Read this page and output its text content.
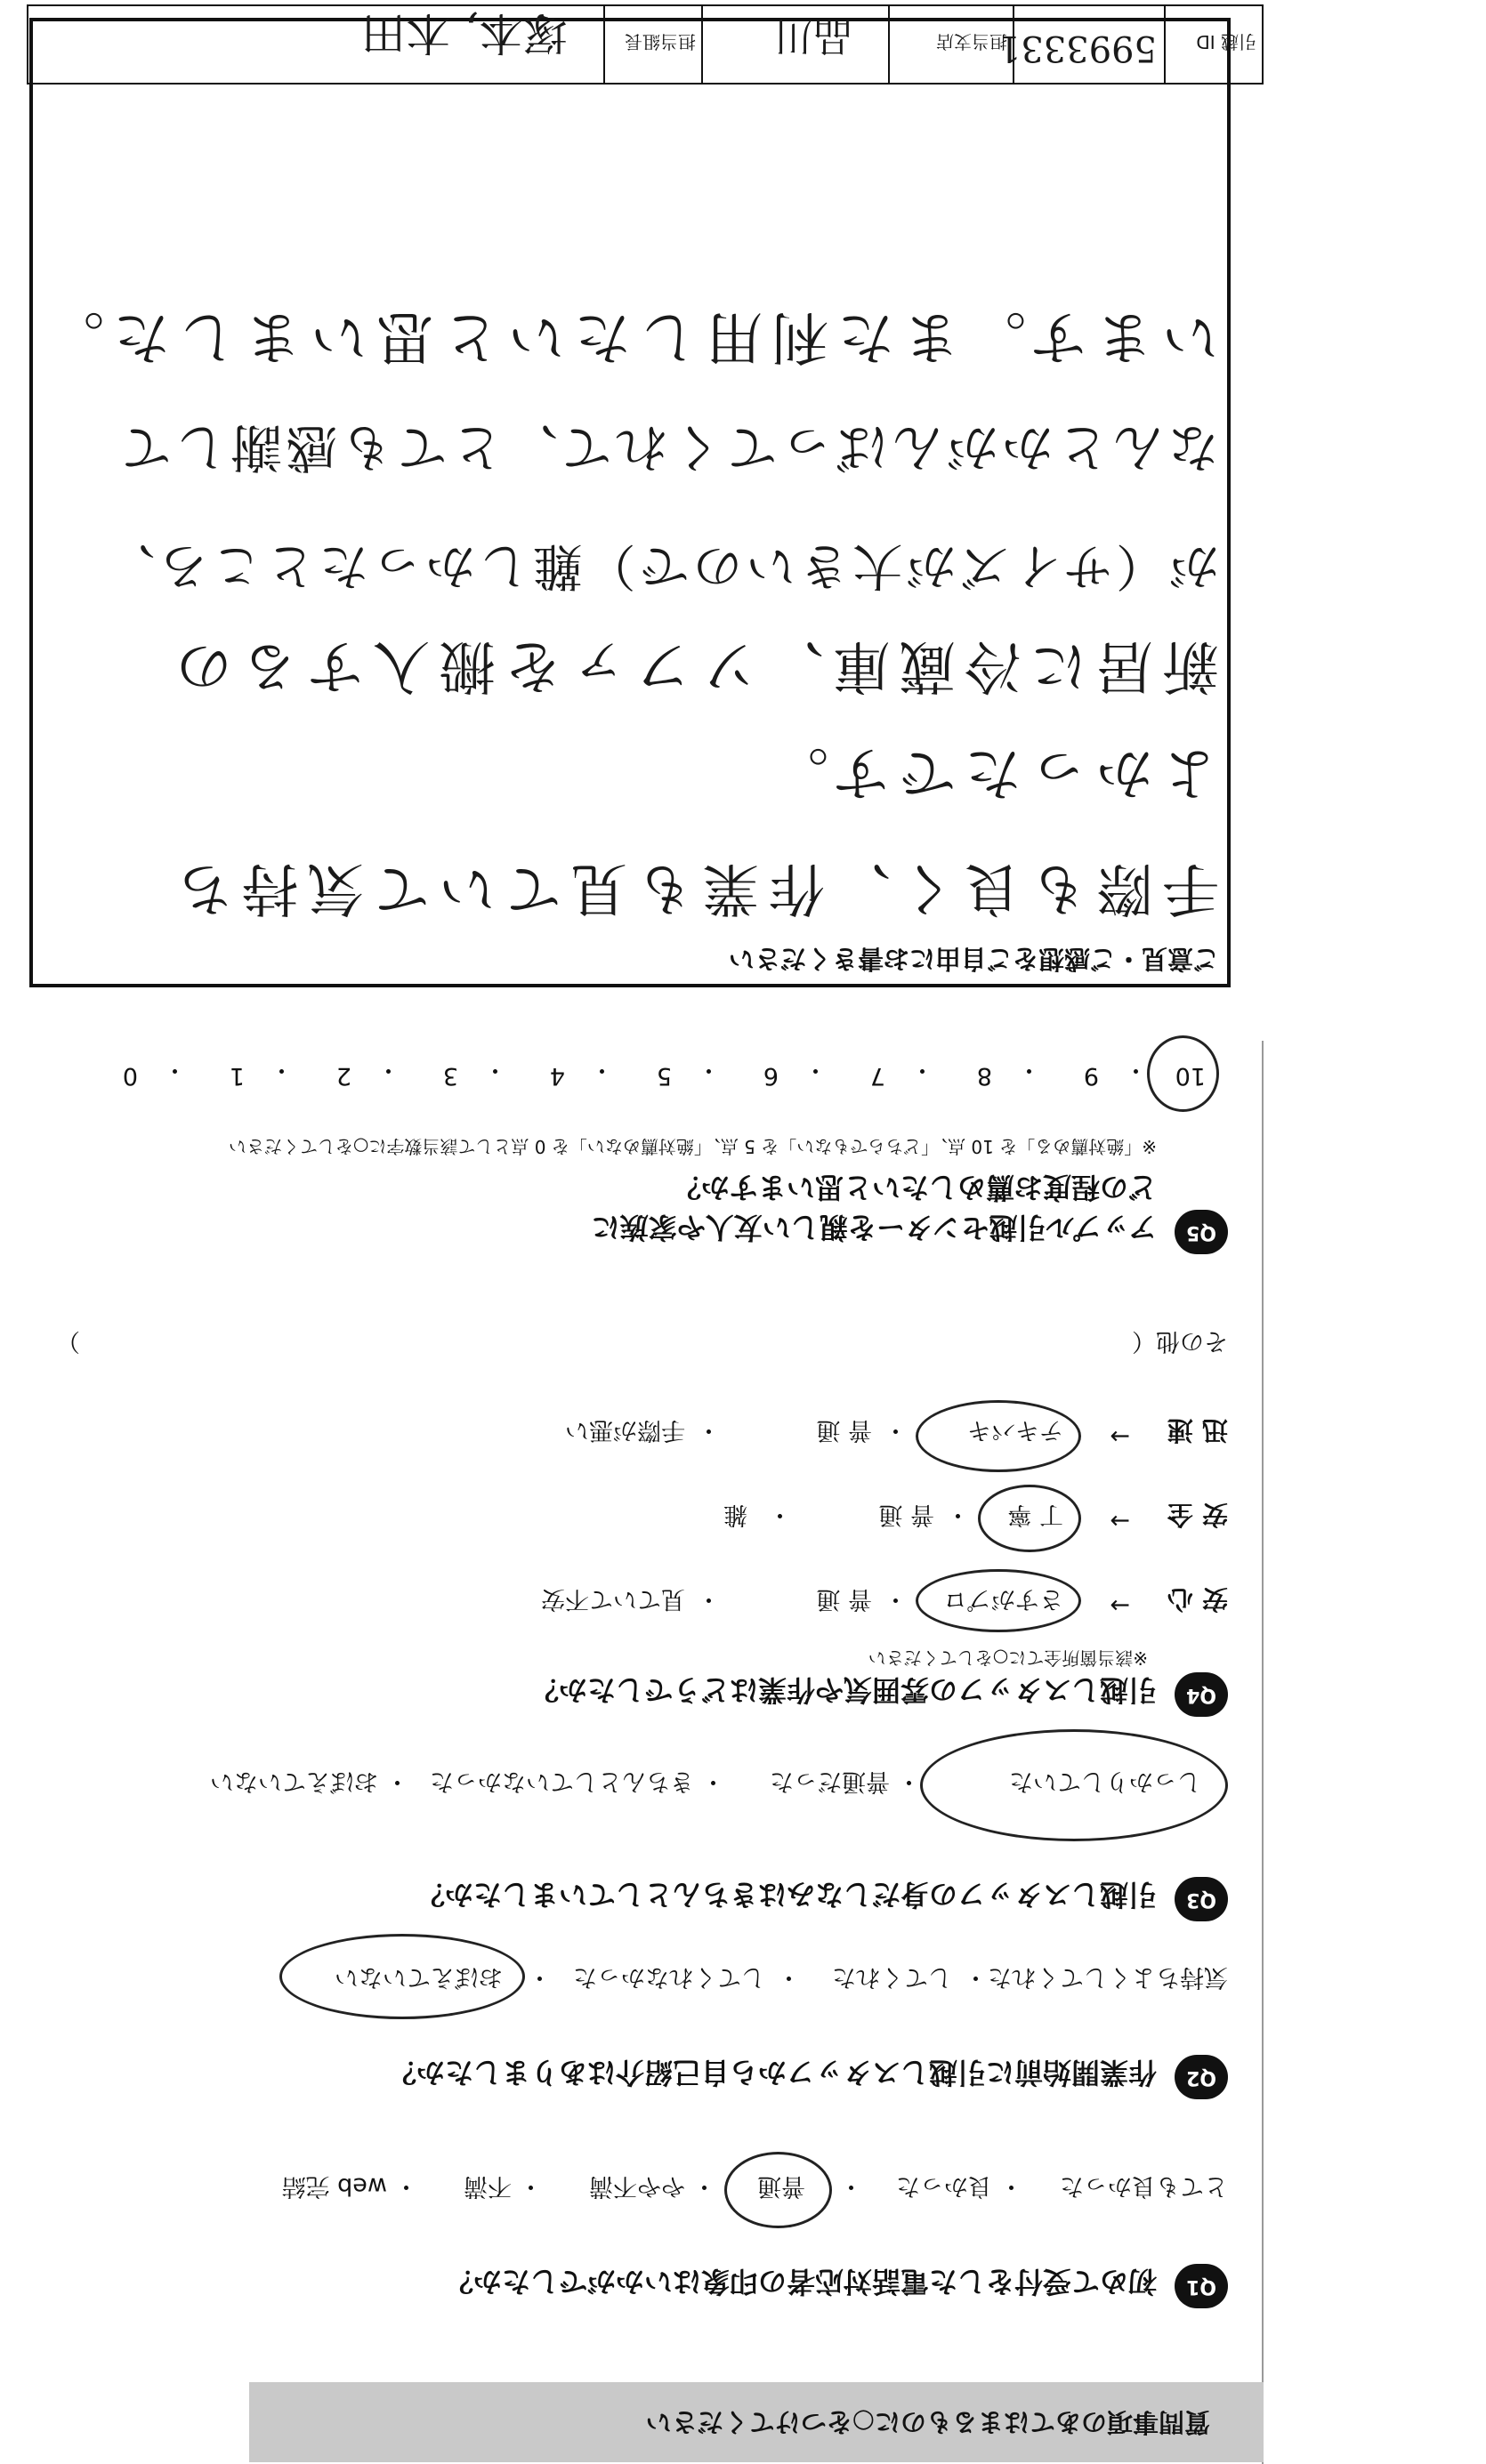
質問事項のあてはまるものに○をつけてください
Q1
初めて受付をした電話対応者の印象はいかがでしたか？
とても良かった
・
良かった
・
普通
・
やや不満
・
不満
・
web 完結
Q2
作業開始前に引越しスタッフから自己紹介はありましたか？
気持ちよくしてくれた
・
してくれた
・
してくれなかった
・
おぼえていない
Q3
引越しスタッフの身だしなみはきちんとしていましたか？
しっかりしていた
・
普通だった
・
きちんとしていなかった
・
おぼえていない
Q4
引越しスタッフの雰囲気や作業はどうでしたか？
※該当箇所全てに○をしてください
安 心
→
さすがプロ
・
普 通
・
見ていて不安
安 全
→
丁 寧
・
普 通
・
雑
迅 速
→
テキパキ
・
普 通
・
手際が悪い
その他（
）
Q5
アップル引越センターを親しい友人や家族に
どの程度お薦めしたいと思いますか？
※「絶対薦める」を 10 点、「どちらでもない」を 5 点、「絶対薦めない」を 0 点として該当数字に○をしてください
10
9
8
7
6
5
4
3
2
1
0	・
・
・
・
・
・
・
・
・
・
ご意見・ご感想をご自由にお書きください
手際も良く、作業も見ていて気持ち
よかったです。
新居に冷蔵庫、ソファを搬入するの
が（サイズが大きいので）難しかったところ、
なんとかがんばってくれて、とても感謝して
います。また利用したいと思いました。
引越 ID
5993331
担当支店
品川
担当組長
塚本, 木田
